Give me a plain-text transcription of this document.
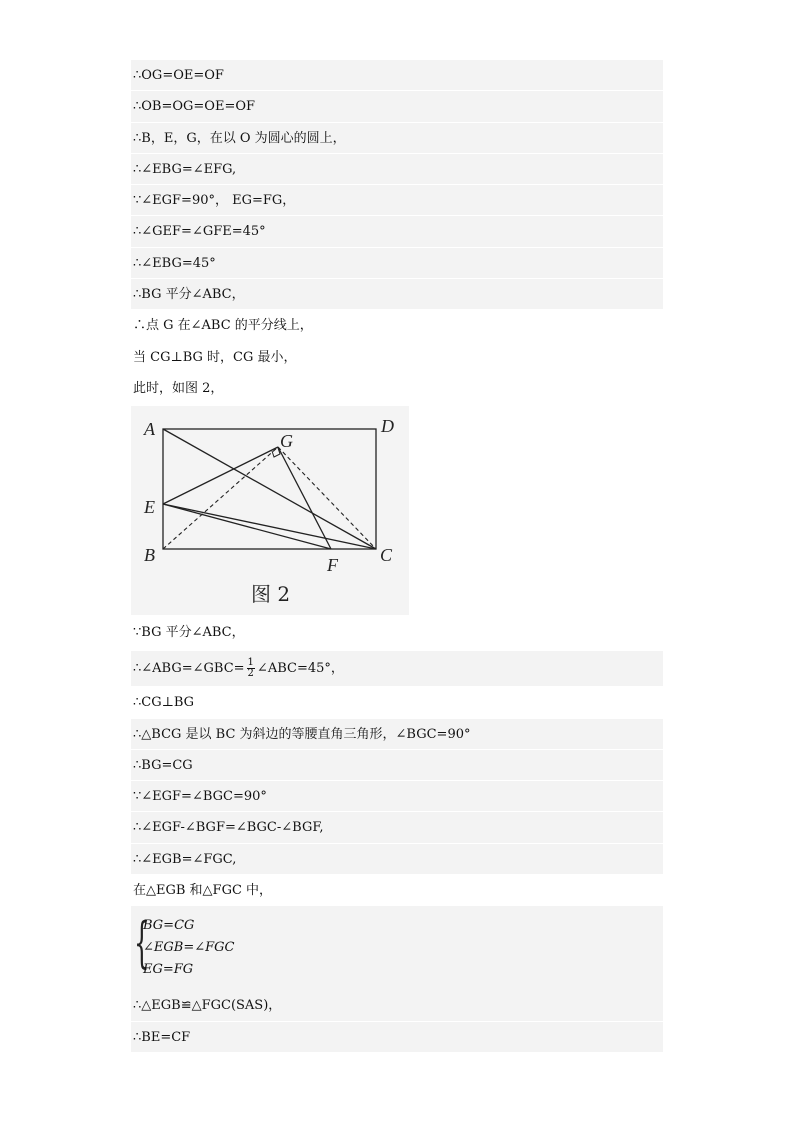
∴OG=OE=OF
∴OB=OG=OE=OF
∴B，E，G，在以 O 为圆心的圆上，
∴∠EBG=∠EFG,
∵∠EGF=90°， EG=FG，
∴∠GEF=∠GFE=45°
∴∠EBG=45°
∴BG 平分∠ABC，
∴点 G 在∠ABC 的平分线上，
当 CG⊥BG 时，CG 最小，
此时，如图 2，
A	D
G
E
B	F C
图 2
∵BG 平分∠ABC，
∴∠ABG=∠GBC= $\frac{1}{2}$ ∠ABC=45°，
∴CG⊥BG
∴△BCG 是以 BC 为斜边的等腰直角三角形，∠BGC=90°
∴BG=CG
∵∠EGF=∠BGC=90°
∴∠EGF-∠BGF=∠BGC-∠BGF,
∴∠EGB=∠FGC,
在△EGB 和△FGC 中，
{
BG=CG
∠EGB=∠FGC
EG=FG
∴△EGB≌△FGC(SAS)，
∴BE=CF
